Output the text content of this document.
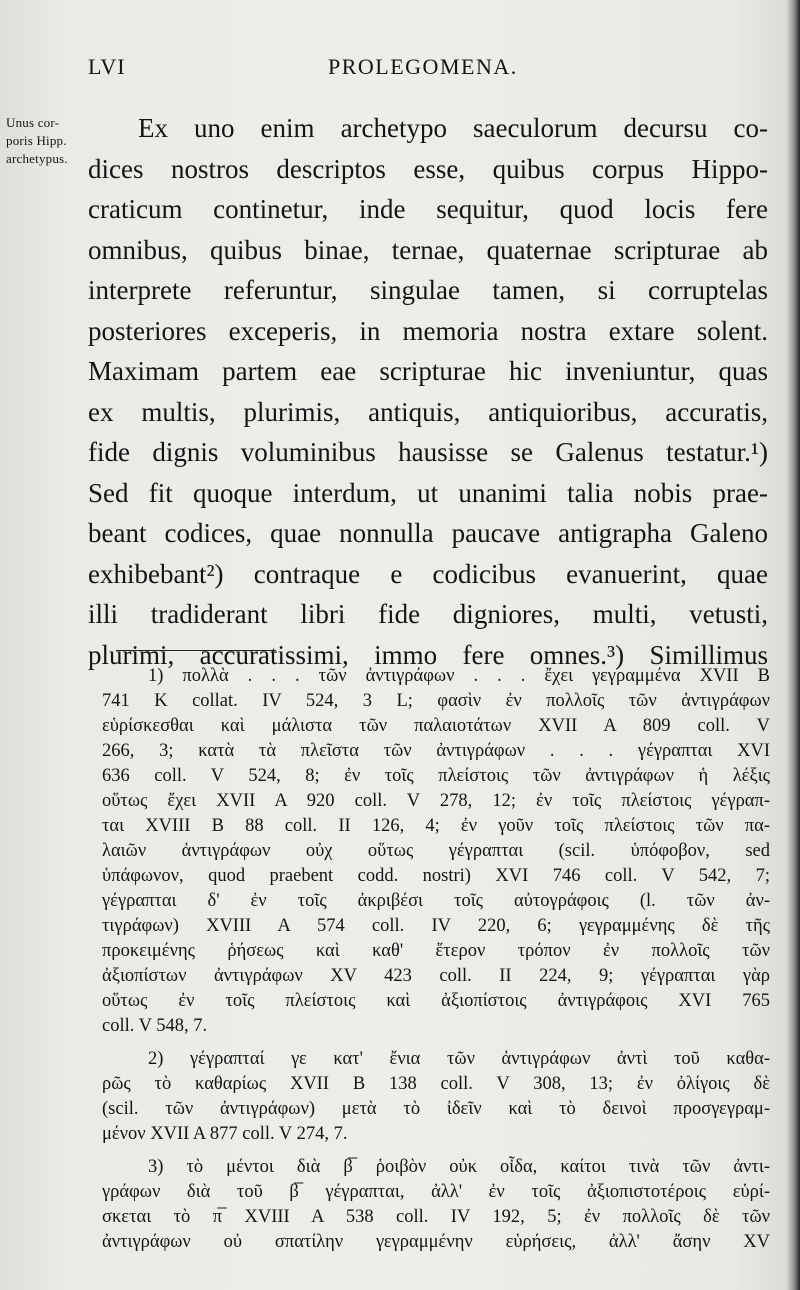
LVI	PROLEGOMENA.
Unus cor-
poris Hipp.
archetypus.
Ex uno enim archetypo saeculorum decursu co-
dices nostros descriptos esse, quibus corpus Hippo-
craticum continetur, inde sequitur, quod locis fere
omnibus, quibus binae, ternae, quaternae scripturae ab
interprete referuntur, singulae tamen, si corruptelas
posteriores exceperis, in memoria nostra extare solent.
Maximam partem eae scripturae hic inveniuntur, quas
ex multis, plurimis, antiquis, antiquioribus, accuratis,
fide dignis voluminibus hausisse se Galenus testatur.¹)
Sed fit quoque interdum, ut unanimi talia nobis prae-
beant codices, quae nonnulla paucave antigrapha Galeno
exhibebant²) contraque e codicibus evanuerint, quae
illi tradiderant libri fide digniores, multi, vetusti,
plurimi, accuratissimi, immo fere omnes.³) Simillimus
1) πολλὰ . . . τῶν ἀντιγράφων . . . ἔχει γεγραμμένα XVII B
741 K collat. IV 524, 3 L; φασὶν ἐν πολλοῖς τῶν ἀντιγράφων
εὑρίσκεσθαι καὶ μάλιστα τῶν παλαιοτάτων XVII A 809 coll. V
266, 3; κατὰ τὰ πλεῖστα τῶν ἀντιγράφων . . . γέγραπται XVI
636 coll. V 524, 8; ἐν τοῖς πλείστοις τῶν ἀντιγράφων ἡ λέξις
οὕτως ἔχει XVII A 920 coll. V 278, 12; ἐν τοῖς πλείστοις γέγραπ-
ται XVIII B 88 coll. II 126, 4; ἐν γοῦν τοῖς πλείστοις τῶν πα-
λαιῶν ἀντιγράφων οὐχ οὕτως γέγραπται (scil. ὑπόφοβον, sed
ὑπάφωνον, quod praebent codd. nostri) XVI 746 coll. V 542, 7;
γέγραπται δ' ἐν τοῖς ἀκριβέσι τοῖς αὐτογράφοις (l. τῶν ἀν-
τιγράφων) XVIII A 574 coll. IV 220, 6; γεγραμμένης δὲ τῆς
προκειμένης ῥήσεως καὶ καθ' ἕτερον τρόπον ἐν πολλοῖς τῶν
ἀξιοπίστων ἀντιγράφων XV 423 coll. II 224, 9; γέγραπται γὰρ
οὕτως ἐν τοῖς πλείστοις καὶ ἀξιοπίστοις ἀντιγράφοις XVI 765
coll. V 548, 7.
2) γέγραπταί γε κατ' ἔνια τῶν ἀντιγράφων ἀντὶ τοῦ καθα-
ρῶς τὸ καθαρίως XVII B 138 coll. V 308, 13; ἐν ὀλίγοις δὲ
(scil. τῶν ἀντιγράφων) μετὰ τὸ ἰδεῖν καὶ τὸ δεινοὶ προσγεγραμ-
μένον XVII A 877 coll. V 274, 7.
3) τὸ μέντοι διὰ β̅ ῥοιβὸν οὐκ οἶδα, καίτοι τινὰ τῶν ἀντι-
γράφων διὰ τοῦ β̅ γέγραπται, ἀλλ' ἐν τοῖς ἀξιοπιστοτέροις εὑρί-
σκεται τὸ π̅ XVIII A 538 coll. IV 192, 5; ἐν πολλοῖς δὲ τῶν
ἀντιγράφων οὐ σπατίλην γεγραμμένην εὑρήσεις, ἀλλ' ἄσην XV
